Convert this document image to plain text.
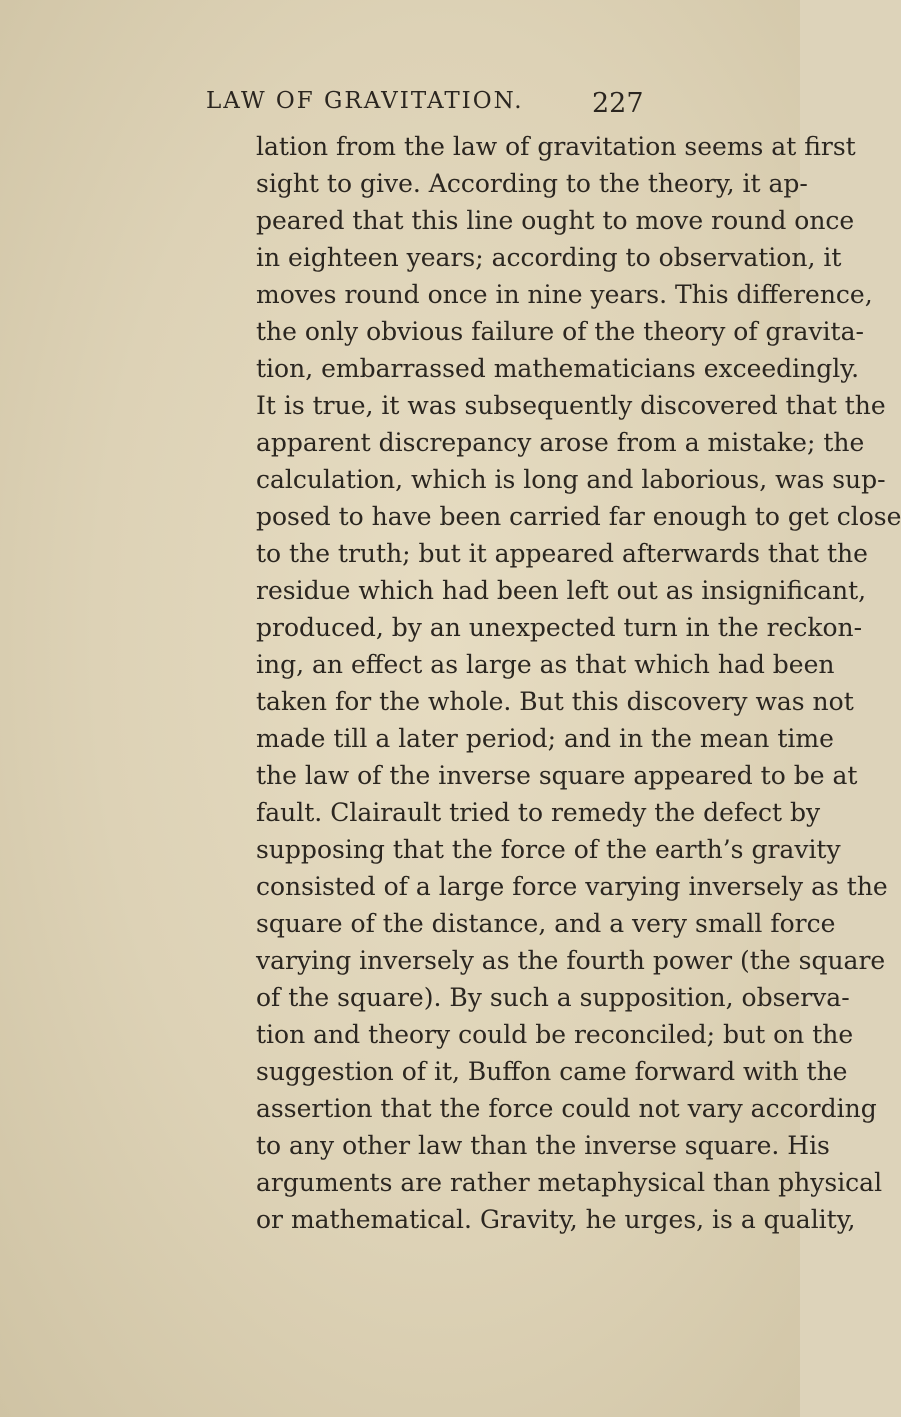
LAW OF GRAVITATION.	227
lation from the law of gravitation seems at first
sight to give. According to the theory, it ap-
peared that this line ought to move round once
in eighteen years; according to observation, it
moves round once in nine years. This difference,
the only obvious failure of the theory of gravita-
tion, embarrassed mathematicians exceedingly.
It is true, it was subsequently discovered that the
apparent discrepancy arose from a mistake; the
calculation, which is long and laborious, was sup-
posed to have been carried far enough to get close
to the truth; but it appeared afterwards that the
residue which had been left out as insignificant,
produced, by an unexpected turn in the reckon-
ing, an effect as large as that which had been
taken for the whole. But this discovery was not
made till a later period; and in the mean time
the law of the inverse square appeared to be at
fault. Clairault tried to remedy the defect by
supposing that the force of the earth’s gravity
consisted of a large force varying inversely as the
square of the distance, and a very small force
varying inversely as the fourth power (the square
of the square). By such a supposition, observa-
tion and theory could be reconciled; but on the
suggestion of it, Buffon came forward with the
assertion that the force could not vary according
to any other law than the inverse square. His
arguments are rather metaphysical than physical
or mathematical. Gravity, he urges, is a quality,
